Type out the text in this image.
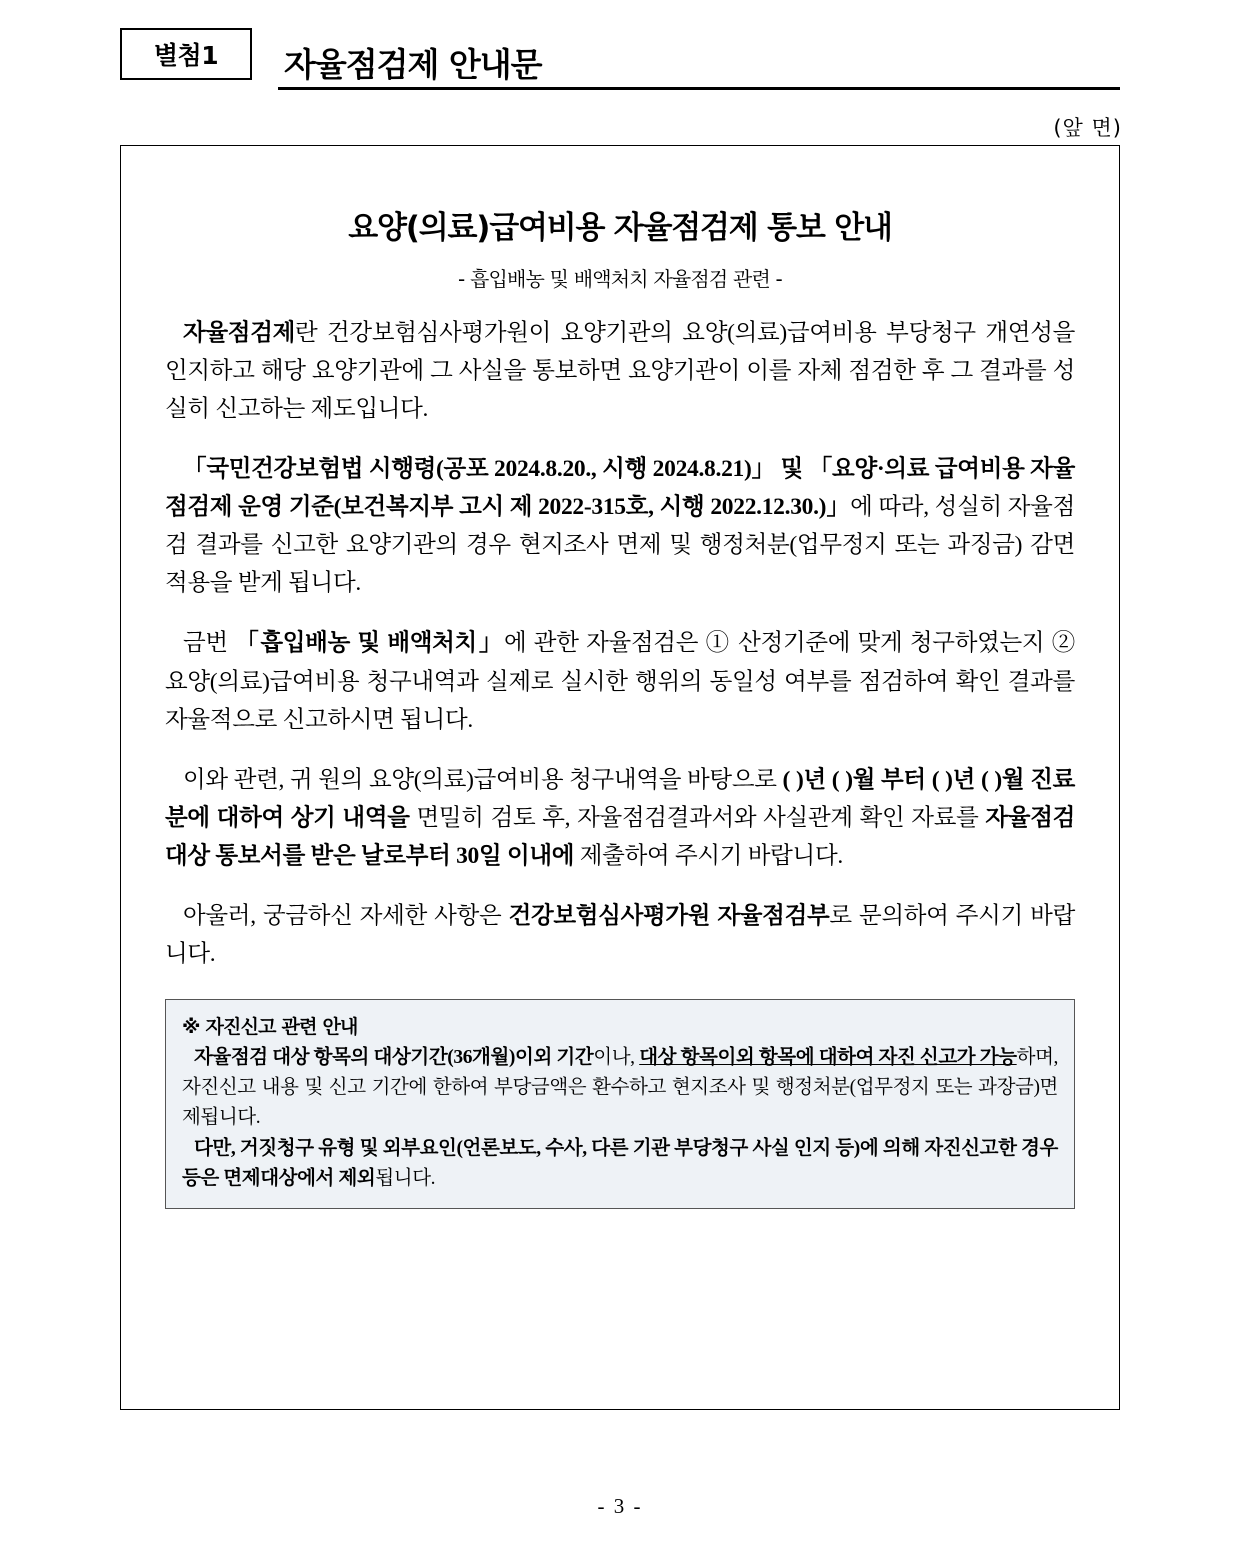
별첨1	자율점검제 안내문
(앞 면)
요양(의료)급여비용 자율점검제 통보 안내
- 흡입배농 및 배액처치 자율점검 관련 -
자율점검제란 건강보험심사평가원이 요양기관의 요양(의료)급여비용 부당청구 개연성을 인지하고 해당 요양기관에 그 사실을 통보하면 요양기관이 이를 자체 점검한 후 그 결과를 성실히 신고하는 제도입니다.
「국민건강보험법 시행령(공포 2024.8.20., 시행 2024.8.21)」 및 「요양·의료 급여비용 자율점검제 운영 기준(보건복지부 고시 제 2022-315호, 시행 2022.12.30.)」에 따라, 성실히 자율점검 결과를 신고한 요양기관의 경우 현지조사 면제 및 행정처분(업무정지 또는 과징금) 감면 적용을 받게 됩니다.
금번 「흡입배농 및 배액처치」에 관한 자율점검은 ① 산정기준에 맞게 청구하였는지 ② 요양(의료)급여비용 청구내역과 실제로 실시한 행위의 동일성 여부를 점검하여 확인 결과를 자율적으로 신고하시면 됩니다.
이와 관련, 귀 원의 요양(의료)급여비용 청구내역을 바탕으로 ( )년 ( )월 부터 ( )년 ( )월 진료분에 대하여 상기 내역을 면밀히 검토 후, 자율점검결과서와 사실관계 확인 자료를 자율점검대상 통보서를 받은 날로부터 30일 이내에 제출하여 주시기 바랍니다.
아울러, 궁금하신 자세한 사항은 건강보험심사평가원 자율점검부로 문의하여 주시기 바랍니다.
※ 자진신고 관련 안내
자율점검 대상 항목의 대상기간(36개월)이외 기간이나, 대상 항목이외 항목에 대하여 자진 신고가 가능하며, 자진신고 내용 및 신고 기간에 한하여 부당금액은 환수하고 현지조사 및 행정처분(업무정지 또는 과장금)면제됩니다.
다만, 거짓청구 유형 및 외부요인(언론보도, 수사, 다른 기관 부당청구 사실 인지 등)에 의해 자진신고한 경우 등은 면제대상에서 제외됩니다.
- 3 -
